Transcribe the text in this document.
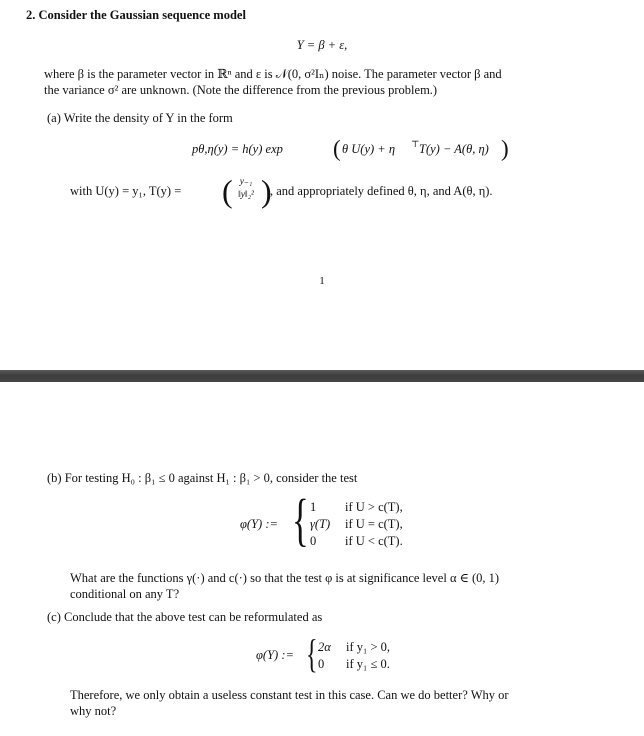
2. Consider the Gaussian sequence model
Y = β + ε,
where β is the parameter vector in ℝⁿ and ε is 𝒩(0, σ²Iₙ) noise. The parameter vector β and
the variance σ² are unknown. (Note the difference from the previous problem.)
(a) Write the density of Y in the form
pθ,η(y) = h(y) exp ( θ U(y) + η ⊤ T(y) − A(θ, η) )
with U(y) = y₁, T(y) = ( y₋₁
‖y‖₂² )
, and appropriately defined θ, η, and A(θ, η).
1
(b) For testing H₀ : β₁ ≤ 0 against H₁ : β₁ > 0, consider the test
φ(Y) := { 1 if U > c(T),
γ(T) if U = c(T),
0 if U < c(T).
What are the functions γ(·) and c(·) so that the test φ is at significance level α ∈ (0, 1)
conditional on any T?
(c) Conclude that the above test can be reformulated as
φ(Y) := { 2α if y₁ > 0,
0 if y₁ ≤ 0.
Therefore, we only obtain a useless constant test in this case. Can we do better? Why or
why not?
